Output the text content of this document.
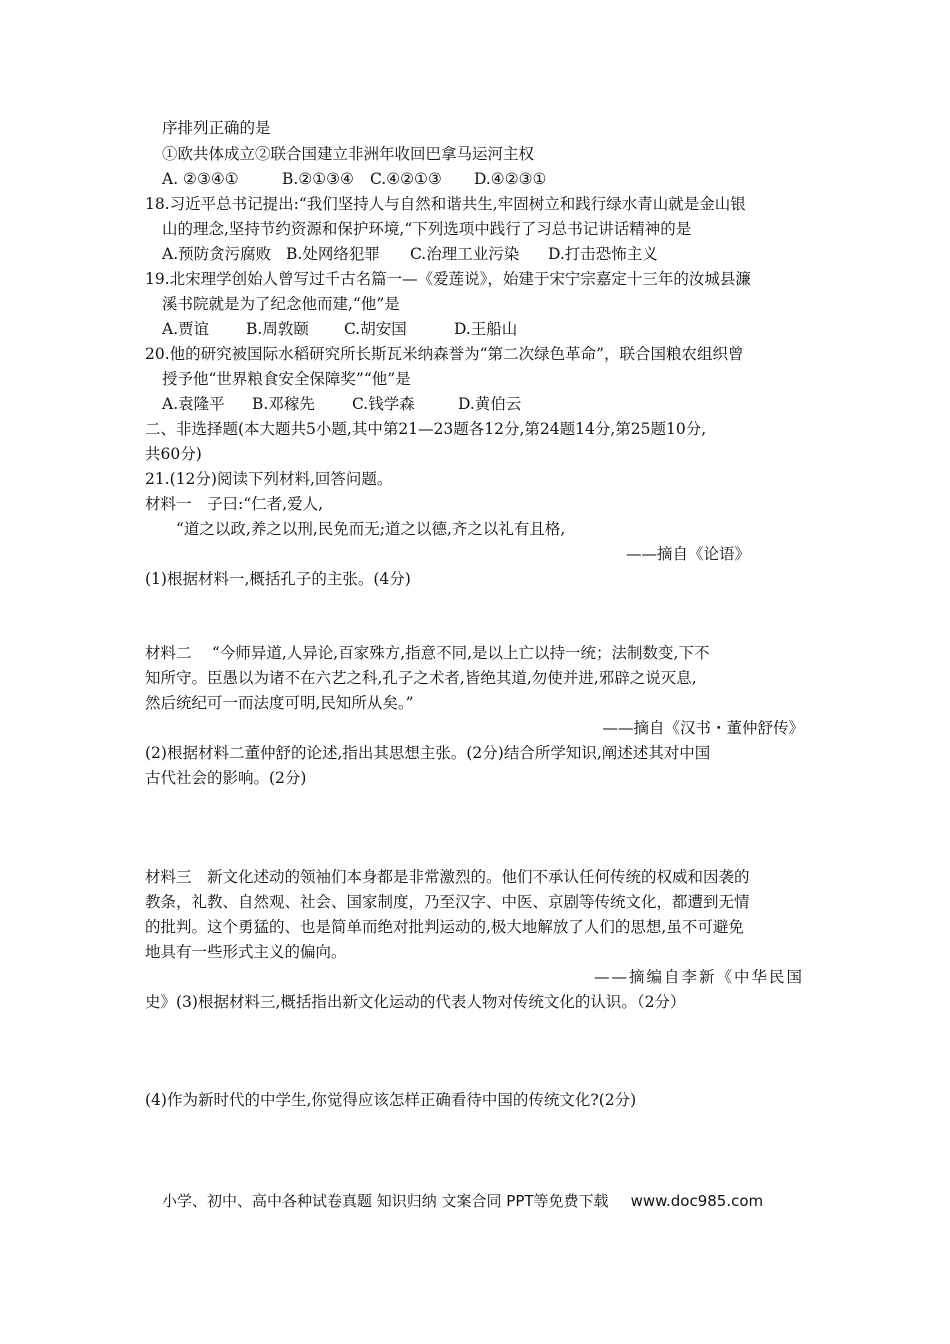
序排列正确的是
①欧共体成立②联合国建立非洲年收回巴拿马运河主权
A. ②③④①	B.②①③④ C.④②①③ D.④②③①
18.习近平总书记提出:“我们坚持人与自然和谐共生,牢固树立和践行绿水青山就是金山银
山的理念,坚持节约资源和保护环境,“下列选项中践行了习总书记讲话精神的是
A.预防贪污腐败 B.处网络犯罪 C.治理工业污染 D.打击恐怖主义
19.北宋理学创始人曾写过千古名篇一—《爱莲说》，始建于宋宁宗嘉定十三年的汝城县濂
溪书院就是为了纪念他而建,“他”是
A.贾谊 B.周敦颐 C.胡安国	D.王船山
20.他的研究被国际水稻研究所长斯瓦米纳森誉为“第二次绿色革命”，联合国粮农组织曾
授予他“世界粮食安全保障奖”“他”是
A.袁隆平 B.邓稼先 C.钱学森	D.黄伯云
二、非选择题(本大题共5小题,其中第21—23题各12分,第24题14分,第25题10分,
共60分)
21.(12分)阅读下列材料,回答问题。
材料一　子曰:“仁者,爱人,
“道之以政,养之以刑,民免而无;道之以德,齐之以礼有且格,
——摘自《论语》
(1)根据材料一,概括孔子的主张。(4分)
材料二　 “今师异道,人异论,百家殊方,指意不同,是以上亡以持一统；法制数变,下不
知所守。臣愚以为诸不在六艺之科,孔子之术者,皆绝其道,勿使并进,邪辟之说灭息,
然后统纪可一而法度可明,民知所从矣。”
——摘自《汉书・董仲舒传》
(2)根据材料二董仲舒的论述,指出其思想主张。(2分)结合所学知识,阐述述其对中国
古代社会的影响。(2分)
材料三　新文化述动的领袖们本身都是非常激烈的。他们不承认任何传统的权威和因袭的
教条，礼教、自然观、社会、国家制度，乃至汉字、中医、京剧等传统文化，都遭到无情
的批判。这个勇猛的、也是简单而绝对批判运动的,极大地解放了人们的思想,虽不可避免
地具有一些形式主义的偏向。
——摘编自李新《中华民国
史》(3)根据材料三,概括指出新文化运动的代表人物对传统文化的认识。（2分）
(4)作为新时代的中学生,你觉得应该怎样正确看待中国的传统文化?(2分)
小学、初中、高中各种试卷真题 知识归纳 文案合同 PPT等免费下载 www.doc985.com
